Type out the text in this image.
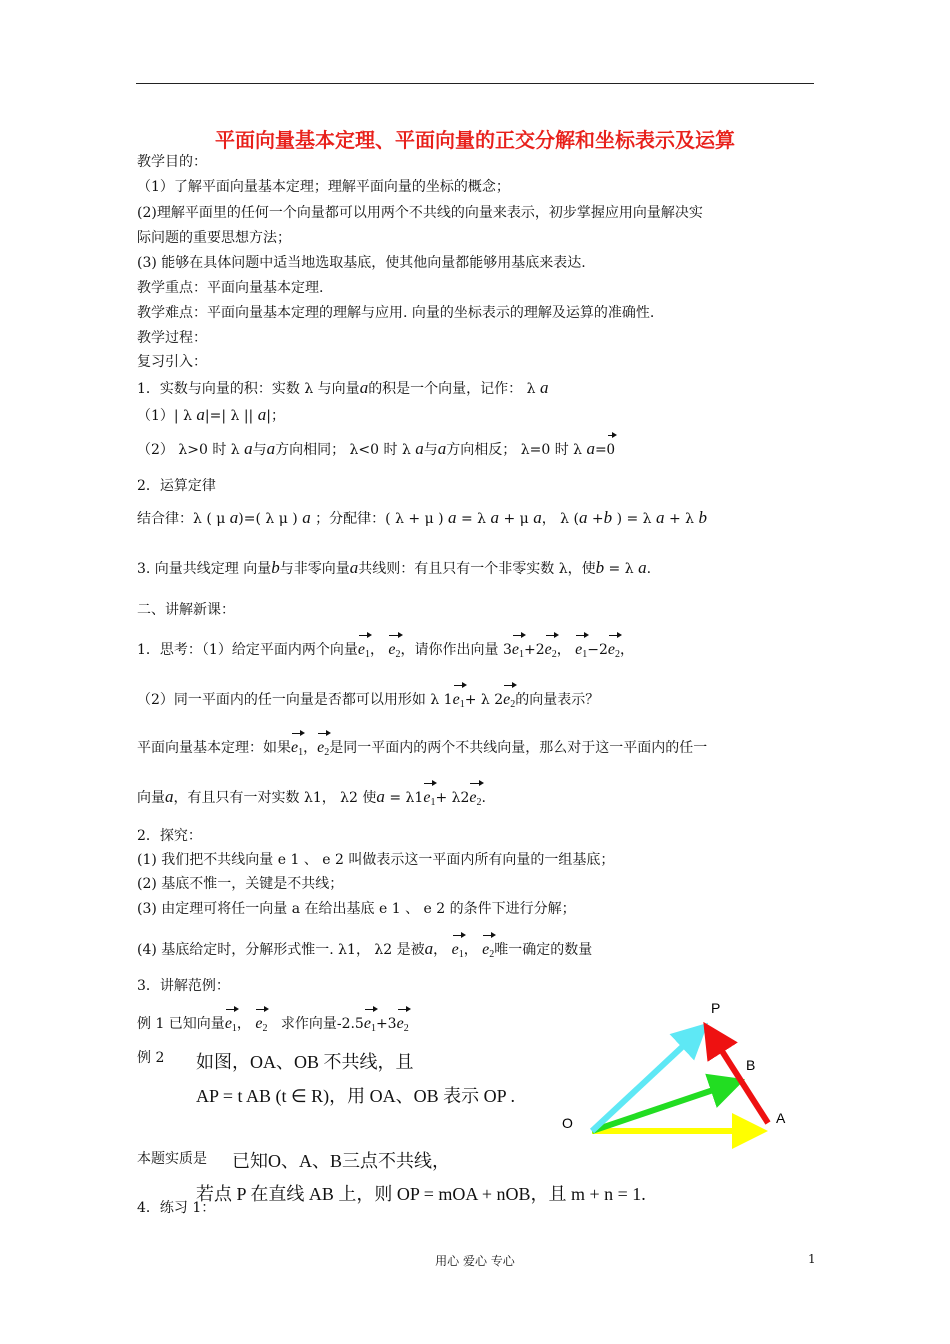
平面向量基本定理、平面向量的正交分解和坐标表示及运算
教学目的：
（1）了解平面向量基本定理；理解平面向量的坐标的概念；
(2)理解平面里的任何一个向量都可以用两个不共线的向量来表示，初步掌握应用向量解决实
际问题的重要思想方法；
(3) 能够在具体问题中适当地选取基底，使其他向量都能够用基底来表达.
教学重点：平面向量基本定理.
教学难点：平面向量基本定理的理解与应用. 向量的坐标表示的理解及运算的准确性.
教学过程：
复习引入：
1．实数与向量的积：实数 λ 与向量a的积是一个向量，记作： λ a
（1）| λ a|=| λ || a|；
（2） λ>0 时 λ a与a方向相同； λ<0 时 λ a与a方向相反； λ=0 时 λ a=0
2．运算定律
结合律：λ ( μ a)=( λ μ ) a ；分配律：( λ + μ ) a = λ a + μ a， λ (a +b ) = λ a + λ b
3. 向量共线定理 向量b与非零向量a共线则：有且只有一个非零实数 λ，使b = λ a.
二、讲解新课：
1．思考：（1）给定平面内两个向量$e_1$， $e_2$，请你作出向量 $3e_1+2e_2$， $e_1-2e_2$，
（2）同一平面内的任一向量是否都可以用形如 λ $1e_1+ \lambda$ $2e_2$的向量表示？
平面向量基本定理：如果$e_1$，$e_2$是同一平面内的两个不共线向量，那么对于这一平面内的任一
向量a，有且只有一对实数 λ1， λ2 使$a = \lambda 1e_1+ \lambda 2e_2$.
2．探究：
(1) 我们把不共线向量 e 1 、 e 2 叫做表示这一平面内所有向量的一组基底；
(2) 基底不惟一，关键是不共线；
(3) 由定理可将任一向量 a 在给出基底 e 1 、 e 2 的条件下进行分解；
(4) 基底给定时，分解形式惟一. λ1， λ2 是被a， $e_1$， $e_2$唯一确定的数量
3．讲解范例：
例 1 已知向量$e_1$， $e_2$ 求作向量$-2.5e_1+3e_2$
例 2 如图，OA、OB 不共线，且
AP = t AB (t ∈ R)，用 OA、OB 表示 OP .
本题实质是 已知O、A、B三点不共线，
若点 P 在直线 AB 上，则 OP = mOA + nOB，且 m + n = 1.
4．练习 1：
P
B
A
O
用心 爱心 专心	1
